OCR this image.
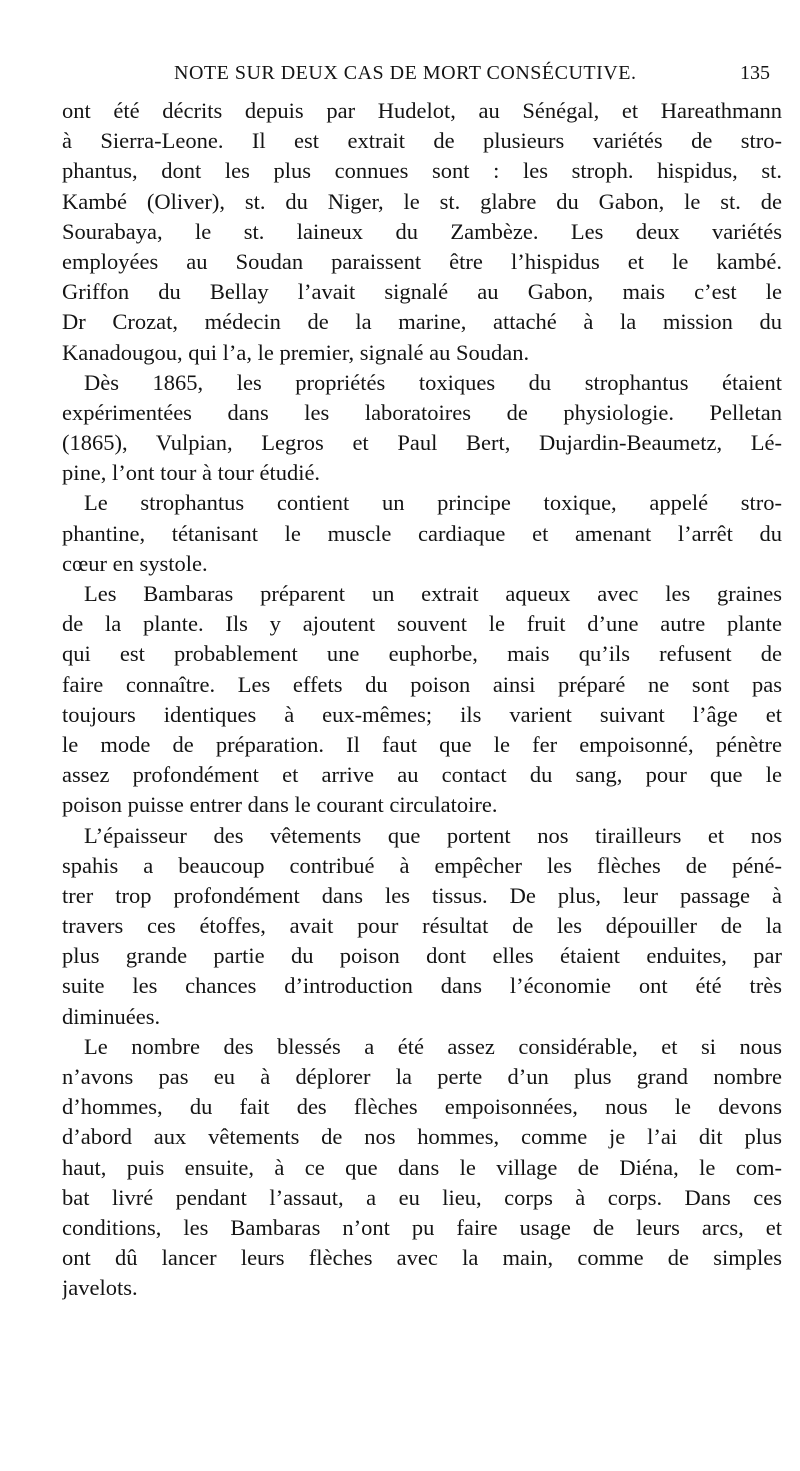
NOTE SUR DEUX CAS DE MORT CONSÉCUTIVE.	135
ont été décrits depuis par Hudelot, au Sénégal, et Hareathmann
à Sierra-Leone. Il est extrait de plusieurs variétés de stro-
phantus, dont les plus connues sont : les stroph. hispidus, st.
Kambé (Oliver), st. du Niger, le st. glabre du Gabon, le st. de
Sourabaya, le st. laineux du Zambèze. Les deux variétés
employées au Soudan paraissent être l’hispidus et le kambé.
Griffon du Bellay l’avait signalé au Gabon, mais c’est le
Dr Crozat, médecin de la marine, attaché à la mission du
Kanadougou, qui l’a, le premier, signalé au Soudan.
Dès 1865, les propriétés toxiques du strophantus étaient
expérimentées dans les laboratoires de physiologie. Pelletan
(1865), Vulpian, Legros et Paul Bert, Dujardin-Beaumetz, Lé-
pine, l’ont tour à tour étudié.
Le strophantus contient un principe toxique, appelé stro-
phantine, tétanisant le muscle cardiaque et amenant l’arrêt du
cœur en systole.
Les Bambaras préparent un extrait aqueux avec les graines
de la plante. Ils y ajoutent souvent le fruit d’une autre plante
qui est probablement une euphorbe, mais qu’ils refusent de
faire connaître. Les effets du poison ainsi préparé ne sont pas
toujours identiques à eux-mêmes; ils varient suivant l’âge et
le mode de préparation. Il faut que le fer empoisonné, pénètre
assez profondément et arrive au contact du sang, pour que le
poison puisse entrer dans le courant circulatoire.
L’épaisseur des vêtements que portent nos tirailleurs et nos
spahis a beaucoup contribué à empêcher les flèches de péné-
trer trop profondément dans les tissus. De plus, leur passage à
travers ces étoffes, avait pour résultat de les dépouiller de la
plus grande partie du poison dont elles étaient enduites, par
suite les chances d’introduction dans l’économie ont été très
diminuées.
Le nombre des blessés a été assez considérable, et si nous
n’avons pas eu à déplorer la perte d’un plus grand nombre
d’hommes, du fait des flèches empoisonnées, nous le devons
d’abord aux vêtements de nos hommes, comme je l’ai dit plus
haut, puis ensuite, à ce que dans le village de Diéna, le com-
bat livré pendant l’assaut, a eu lieu, corps à corps. Dans ces
conditions, les Bambaras n’ont pu faire usage de leurs arcs, et
ont dû lancer leurs flèches avec la main, comme de simples
javelots.
